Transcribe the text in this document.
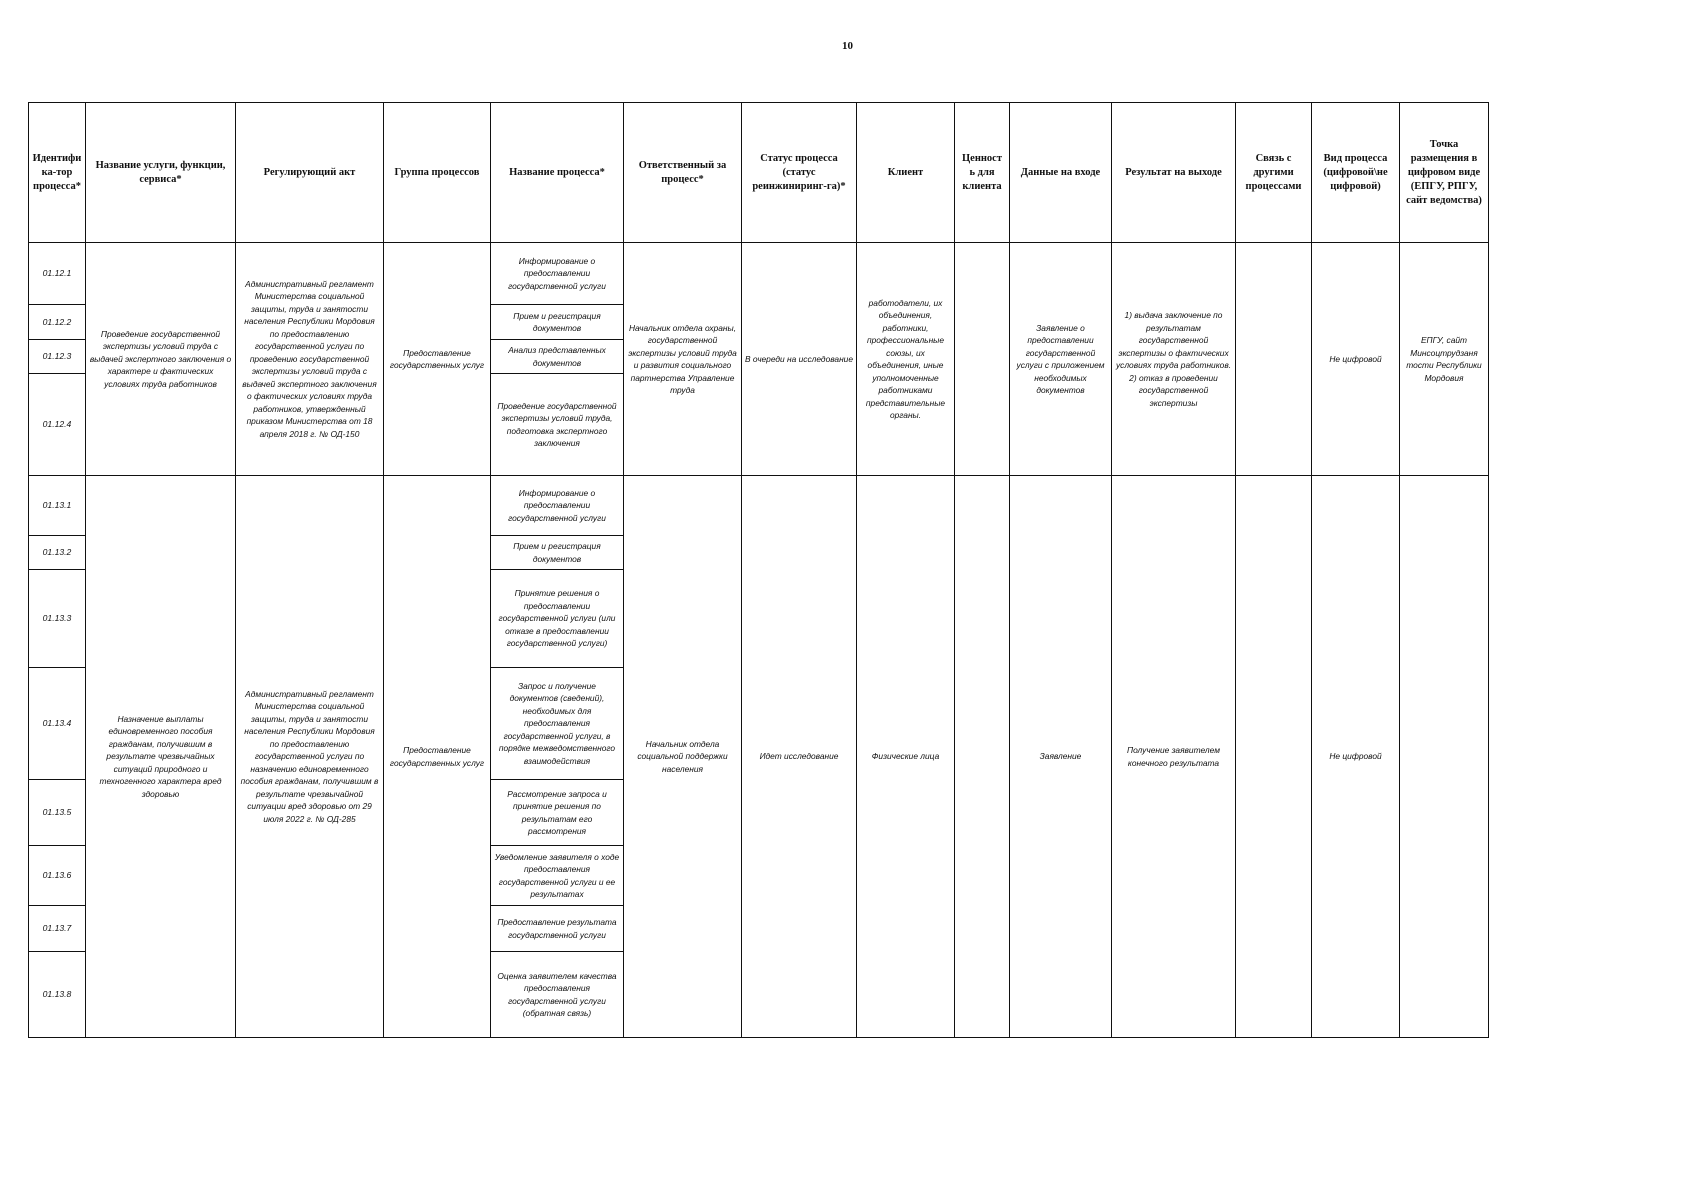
10
Идентифи ка-тор процесса*	Название услуги, функции, сервиса*	Регулирующий акт	Группа процессов	Название процесса*	Ответственный за процесс*	Статус процесса (статус реинжиниринг-га)*	Клиент	Ценност ь для клиента	Данные на входе	Результат на выходе	Связь с другими процессами	Вид процесса (цифровой\не цифровой)	Точка размещения в цифровом виде (ЕПГУ, РПГУ, сайт ведомства)
01.12.1	Проведение государственной экспертизы условий труда с выдачей экспертного заключения о характере и фактических условиях труда работников	Административный регламент Министерства социальной защиты, труда и занятости населения Республики Мордовия по предоставлению государственной услуги по проведению государственной экспертизы условий труда с выдачей экспертного заключения о фактических условиях труда работников, утвержденный приказом Министерства от 18 апреля 2018 г. № ОД-150	Предоставление государственных услуг	Информирование о предоставлении государственной услуги	Начальник отдела охраны, государственной экспертизы условий труда и развития социального партнерства Управление труда	В очереди на исследование	работодатели, их объединения, работники, профессиональные союзы, их объединения, иные уполномоченные работниками представительные органы.		Заявление о предоставлении государственной услуги с приложением необходимых документов	1) выдача заключение по результатам государственной экспертизы о фактических условиях труда работников. 2) отказ в проведении государственной экспертизы		Не цифровой	ЕПГУ, сайт Минсоцтрудзаня тости Республики Мордовия
01.12.2				Прием и регистрация документов									
01.12.3				Анализ представленных документов									
01.12.4				Проведение государственной экспертизы условий труда, подготовка экспертного заключения									
01.13.1	Назначение выплаты единовременного пособия гражданам, получившим в результате чрезвычайных ситуаций природного и техногенного характера вред здоровью	Административный регламент Министерства социальной защиты, труда и занятости населения Республики Мордовия по предоставлению государственной услуги по назначению единовременного пособия гражданам, получившим в результате чрезвычайной ситуации вред здоровью от 29 июля 2022 г. № ОД-285	Предоставление государственных услуг	Информирование о предоставлении государственной услуги	Начальник отдела социальной поддержки населения	Идет исследование	Физические лица		Заявление	Получение заявителем конечного результата		Не цифровой	
01.13.2				Прием и регистрация документов									
01.13.3				Принятие решения о предоставлении государственной услуги (или отказе в предоставлении государственной услуги)									
01.13.4				Запрос и получение документов (сведений), необходимых для предоставления государственной услуги, в порядке межведомственного взаимодействия									
01.13.5				Рассмотрение запроса и принятие решения по результатам его рассмотрения									
01.13.6				Уведомление заявителя о ходе предоставления государственной услуги и ее результатах									
01.13.7				Предоставление результата государственной услуги									
01.13.8				Оценка заявителем качества предоставления государственной услуги (обратная связь)									
